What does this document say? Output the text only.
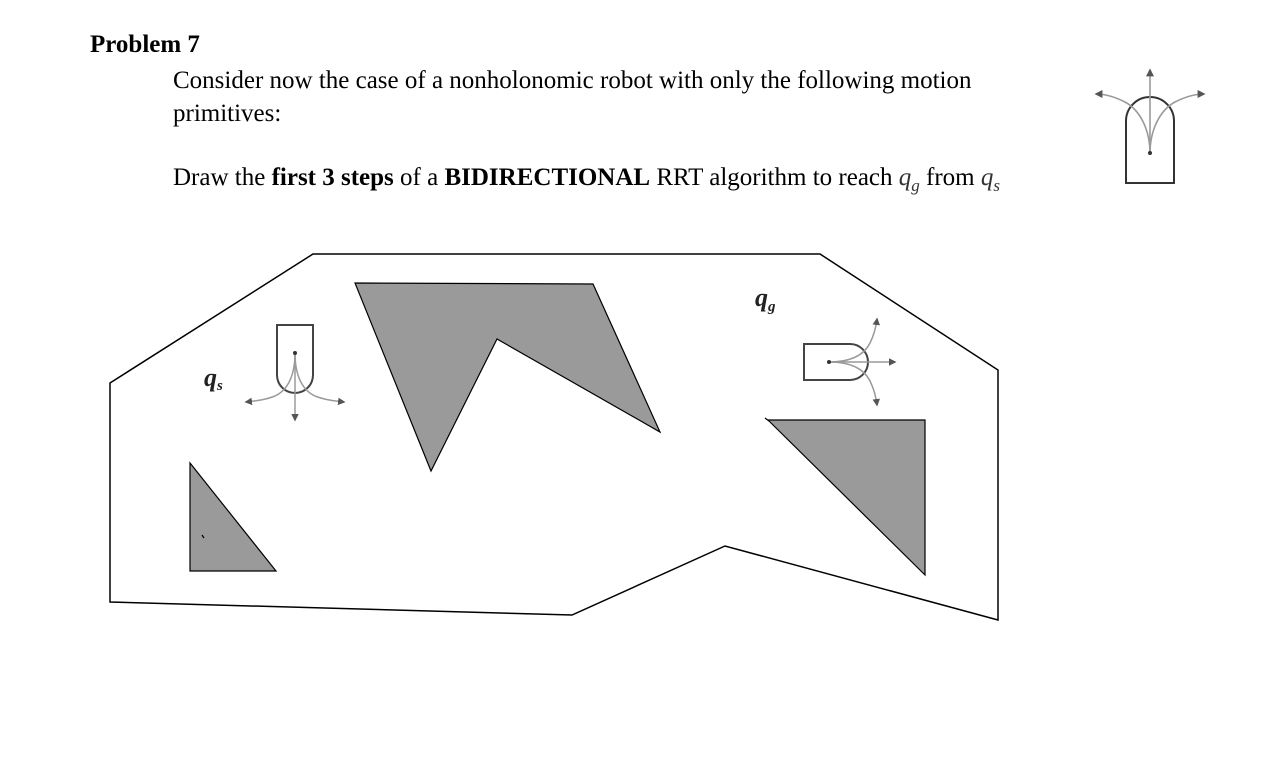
Problem 7
Consider now the case of a nonholonomic robot with only the following motion primitives:
Draw the first 3 steps of a BIDIRECTIONAL RRT algorithm to reach $q_g$ from $q_s$
qs
qg
